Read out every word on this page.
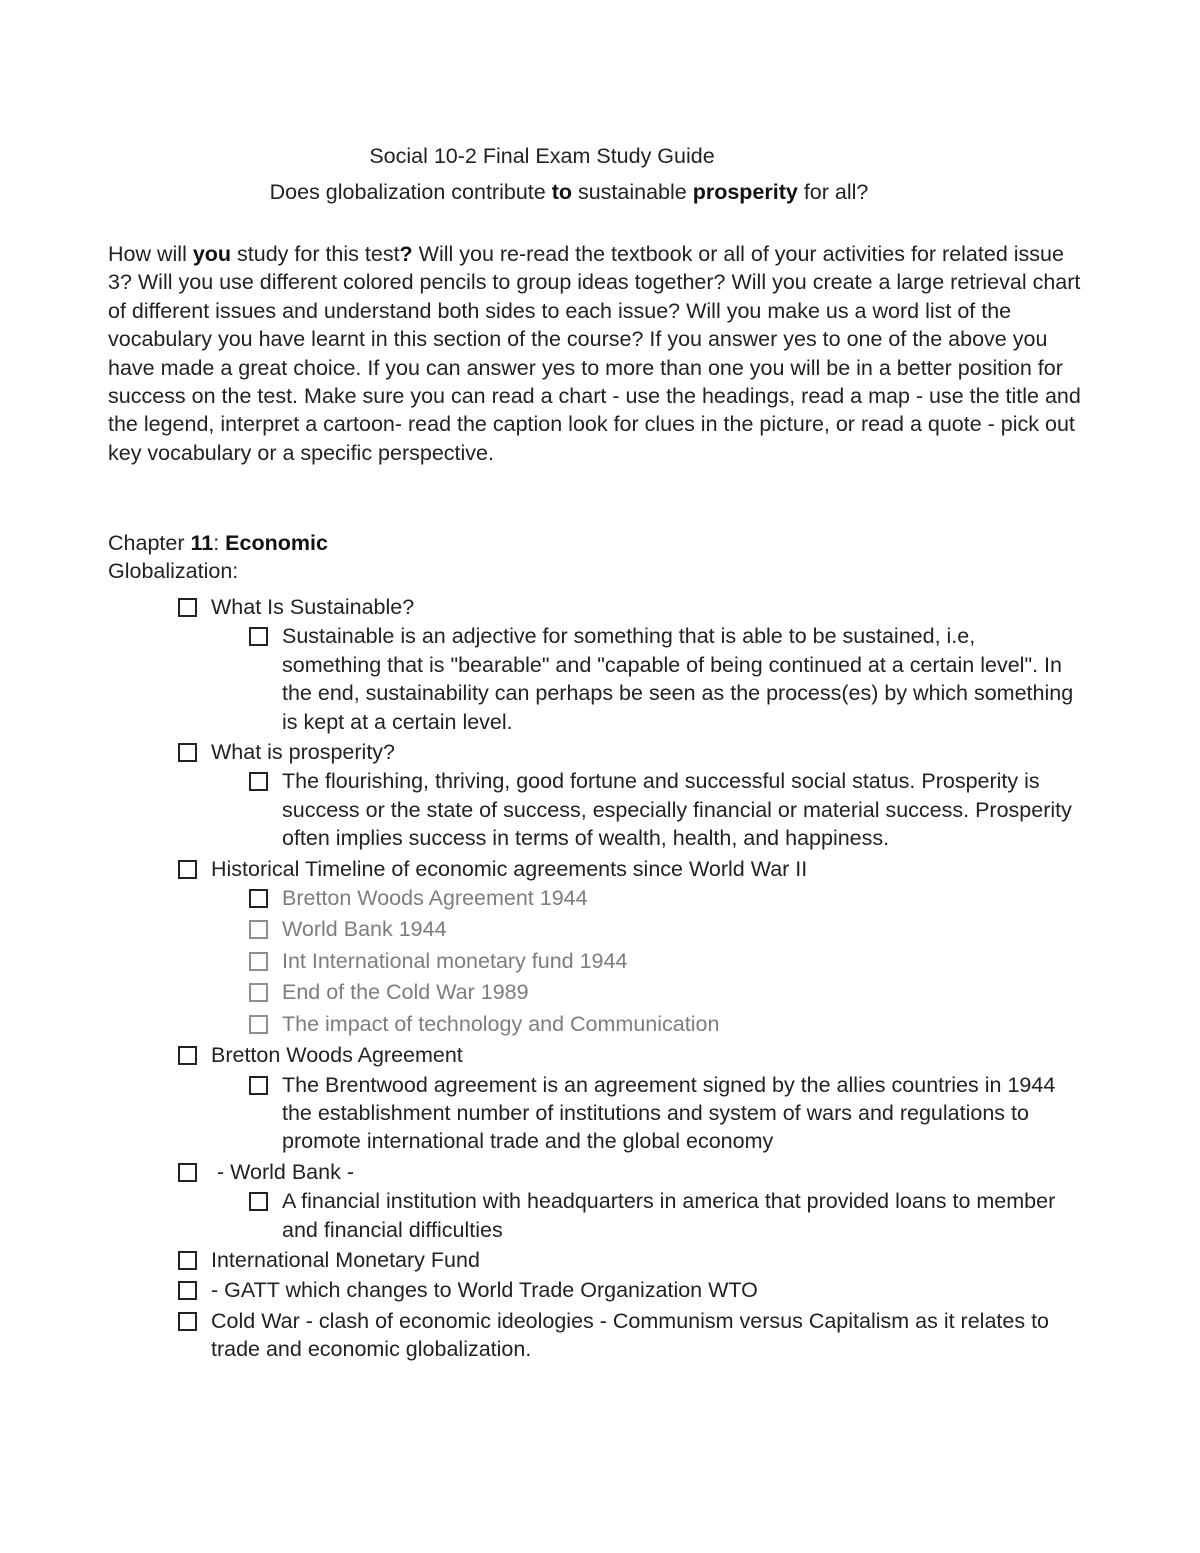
Social 10-2 Final Exam Study Guide
Does globalization contribute to sustainable prosperity for all?

How will you study for this test? Will you re-read the textbook or all of your activities for related issue 3? Will you use different colored pencils to group ideas together? Will you create a large retrieval chart of different issues and understand both sides to each issue? Will you make us a word list of the vocabulary you have learnt in this section of the course? If you answer yes to one of the above you have made a great choice. If you can answer yes to more than one you will be in a better position for success on the test. Make sure you can read a chart - use the headings, read a map - use the title and the legend, interpret a cartoon- read the caption look for clues in the picture, or read a quote - pick out key vocabulary or a specific perspective.

Chapter 11: Economic
Globalization:
What Is Sustainable?
Sustainable is an adjective for something that is able to be sustained, i.e, something that is "bearable" and "capable of being continued at a certain level". In the end, sustainability can perhaps be seen as the process(es) by which something is kept at a certain level.
What is prosperity?
The flourishing, thriving, good fortune and successful social status. Prosperity is success or the state of success, especially financial or material success. Prosperity often implies success in terms of wealth, health, and happiness.
Historical Timeline of economic agreements since World War II
Bretton Woods Agreement 1944
World Bank 1944
Int International monetary fund 1944
End of the Cold War 1989
The impact of technology and Communication
Bretton Woods Agreement
The Brentwood agreement is an agreement signed by the allies countries in 1944 the establishment number of institutions and system of wars and regulations to promote international trade and the global economy
- World Bank -
A financial institution with headquarters in america that provided loans to member and financial difficulties
International Monetary Fund
- GATT which changes to World Trade Organization WTO
Cold War - clash of economic ideologies - Communism versus Capitalism as it relates to trade and economic globalization.
